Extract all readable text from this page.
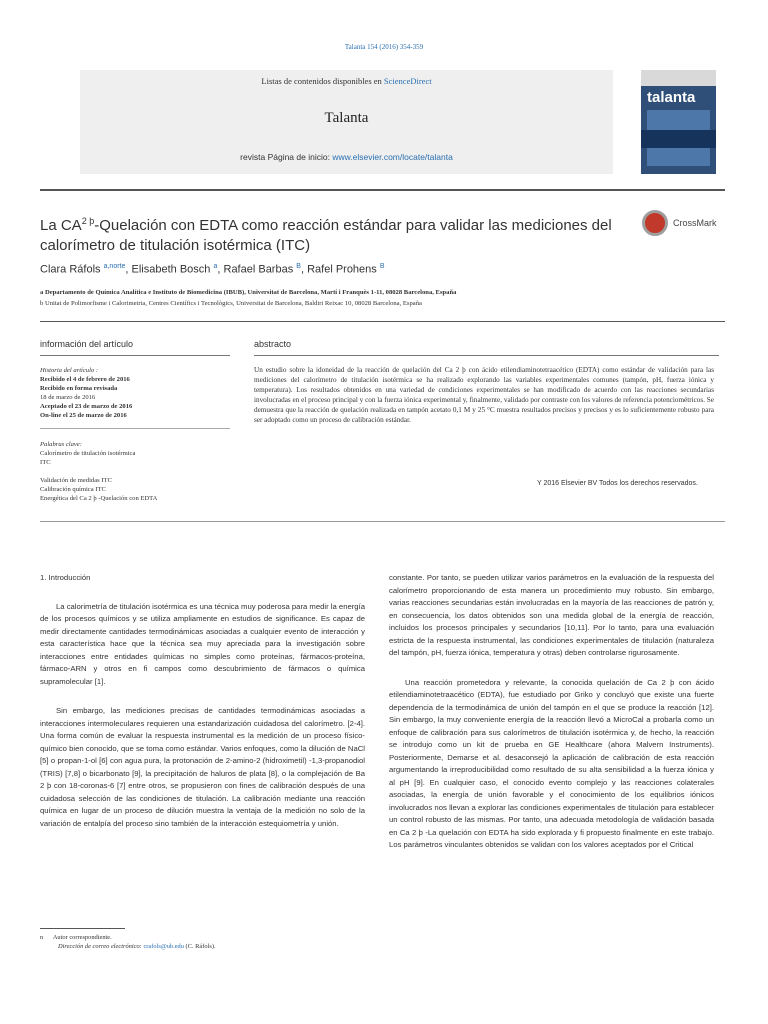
Talanta 154 (2016) 354-359
Listas de contenidos disponibles en ScienceDirect
Talanta
revista Página de inicio: www.elsevier.com/locate/talanta
talanta
La $CA^{2 þ}$-Quelación con EDTA como reacción estándar para validar las mediciones del calorímetro de titulación isotérmica (ITC)
CrossMark
Clara Ráfols $^{a,norte}$, Elisabeth Bosch $^a$, Rafael Barbas $^B$, Rafel Prohens $^B$
a Departamento de Química Analítica e Instituto de Biomedicina (IBUB), Universitat de Barcelona, Martí i Franquès 1-11, 08028 Barcelona, España
b Unitat de Polimorfisme i Calorimetria, Centres Científics i Tecnològics, Universitat de Barcelona, Baldiri Reixac 10, 08028 Barcelona, España
información del artículo	abstracto
Historia del artículo :
Recibido el 4 de febrero de 2016
Recibido en forma revisada
18 de marzo de 2016
Aceptado el 23 de marzo de 2016
On-line el 25 de marzo de 2016
Palabras clave:
Calorímetro de titulación isotérmica
ITC
Validación de medidas ITC
Calibración química ITC
Energética del Ca 2 þ -Quelación con EDTA
Un estudio sobre la idoneidad de la reacción de quelación del Ca 2 þ con ácido etilendiaminotetraacético (EDTA) como estándar de validación para las mediciones del calorímetro de titulación isotérmica se ha realizado explorando las variables experimentales comunes (tampón, pH, fuerza iónica y temperatura). Los resultados obtenidos en una variedad de condiciones experimentales se han modificado de acuerdo con las reacciones secundarias involucradas en el proceso principal y con la fuerza iónica experimental y, finalmente, validado por contraste con los valores de referencia potenciométricos. Se demuestra que la reacción de quelación realizada en tampón acetato 0,1 M y 25 °C muestra resultados precisos y precisos y es lo suficientemente robusto para ser adoptado como un proceso de calibración estándar.
Y 2016 Elsevier BV Todos los derechos reservados.

1. Introducción

La calorimetría de titulación isotérmica es una técnica muy poderosa para medir la energía de los procesos químicos y se utiliza ampliamente en estudios de significance. Es capaz de medir directamente cantidades termodinámicas asociadas a cualquier evento de interacción y esta característica hace que la técnica sea muy apreciada para la investigación sobre interacciones entre entidades químicas no simples como proteínas, fármacos-proteína, fármaco-ARN y otros en fi campos como descubrimiento de fármacos o química supramolecular [1].

Sin embargo, las mediciones precisas de cantidades termodinámicas asociadas a interacciones intermoleculares requieren una estandarización cuidadosa del calorímetro. [2-4]. Una forma común de evaluar la respuesta instrumental es la medición de un proceso físico-químico bien conocido, que se toma como estándar. Varios enfoques, como la dilución de NaCl [5] o propan-1-ol [6] con agua pura, la protonación de 2-amino-2 (hidroximetil) -1,3-propanodiol (TRIS) [7,8] o bicarbonato [9], la precipitación de haluros de plata [8], o la complejación de Ba 2 þ con 18-coronas-6 [7] entre otros, se propusieron con fines de calibración después de una cuidadosa selección de las condiciones de titulación. La calibración mediante una reacción química en lugar de un proceso de dilución muestra la ventaja de la medición no solo de la variación de entalpía del proceso sino también de la interacción estequiometría y unión.

constante. Por tanto, se pueden utilizar varios parámetros en la evaluación de la respuesta del calorímetro proporcionando de esta manera un procedimiento muy robusto. Sin embargo, varias reacciones secundarias están involucradas en la mayoría de las reacciones de patrón y, en consecuencia, los datos obtenidos son una medida global de la energía de reacción, incluidos los procesos principales y secundarios [10,11]. Por lo tanto, para una evaluación estricta de la respuesta instrumental, las condiciones experimentales de titulación (naturaleza del tampón, pH, fuerza iónica, temperatura y otras) deben controlarse rigurosamente.

Una reacción prometedora y relevante, la conocida quelación de Ca 2 þ con ácido etilendiaminotetraacético (EDTA), fue estudiado por Griko y concluyó que existe una fuerte dependencia de la termodinámica de unión del tampón en el que se produce la reacción [12]. Sin embargo, la muy conveniente energía de la reacción llevó a MicroCal a probarla como un enfoque de calibración para sus calorímetros de titulación isotérmica y, de hecho, la reacción se introdujo como un kit de prueba en GE Healthcare (ahora Malvern Instruments). Posteriormente, Demarse et al. desaconsejó la aplicación de calibración de esta reacción argumentando la irreproducibilidad como resultado de su alta sensibilidad a la fuerza iónica y al pH [9]. En cualquier caso, el conocido evento complejo y las reacciones colaterales asociadas, la energía de unión favorable y el conocimiento de los equilibrios iónicos involucrados nos llevan a explorar las condiciones experimentales de titulación para establecer un control robusto de las mismas. Por tanto, una adecuada metodología de validación basada en Ca 2 þ -La quelación con EDTA ha sido explorada y fi propuesto finalmente en este trabajo. Los parámetros vinculantes obtenidos se validan con los valores aceptados por el Critical

n Autor correspondiente.
Dirección de correo electrónico: crafols@ub.edu (C. Ráfols).
